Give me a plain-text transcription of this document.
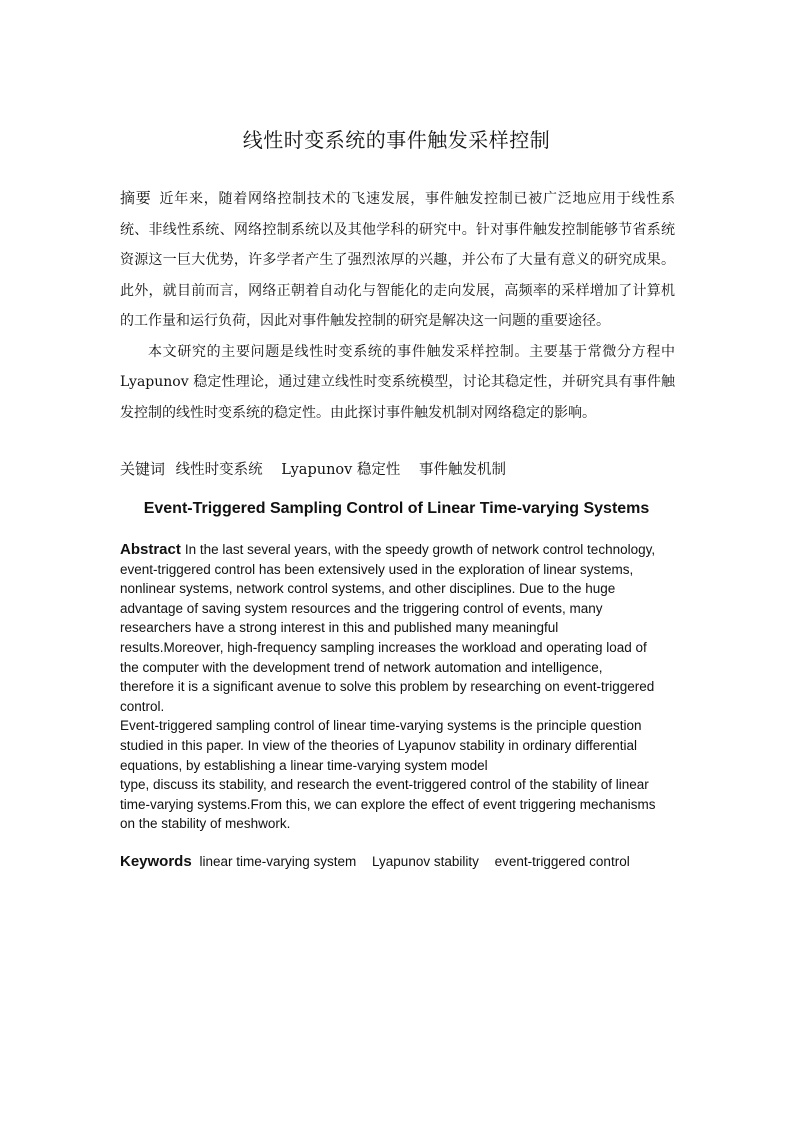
线性时变系统的事件触发采样控制

摘要 近年来，随着网络控制技术的飞速发展，事件触发控制已被广泛地应用于线性系统、非线性系统、网络控制系统以及其他学科的研究中。针对事件触发控制能够节省系统资源这一巨大优势，许多学者产生了强烈浓厚的兴趣，并公布了大量有意义的研究成果。此外，就目前而言，网络正朝着自动化与智能化的走向发展，高频率的采样增加了计算机的工作量和运行负荷，因此对事件触发控制的研究是解决这一问题的重要途径。

本文研究的主要问题是线性时变系统的事件触发采样控制。主要基于常微分方程中Lyapunov 稳定性理论，通过建立线性时变系统模型，讨论其稳定性，并研究具有事件触发控制的线性时变系统的稳定性。由此探讨事件触发机制对网络稳定的影响。

关键词 线性时变系统 Lyapunov 稳定性 事件触发机制
Event-Triggered Sampling Control of Linear Time-varying Systems
Abstract In the last several years, with the speedy growth of network control technology,
event-triggered control has been extensively used in the exploration of linear systems,
nonlinear systems, network control systems, and other disciplines. Due to the huge
advantage of saving system resources and the triggering control of events, many
researchers have a strong interest in this and published many meaningful
results.Moreover, high-frequency sampling increases the workload and operating load of
the computer with the development trend of network automation and intelligence,
therefore it is a significant avenue to solve this problem by researching on event-triggered
control.
Event-triggered sampling control of linear time-varying systems is the principle question
studied in this paper. In view of the theories of Lyapunov stability in ordinary differential
equations, by establishing a linear time-varying system model
type, discuss its stability, and research the event-triggered control of the stability of linear
time-varying systems.From this, we can explore the effect of event triggering mechanisms
on the stability of meshwork.
Keywords linear time-varying system Lyapunov stability event-triggered control
